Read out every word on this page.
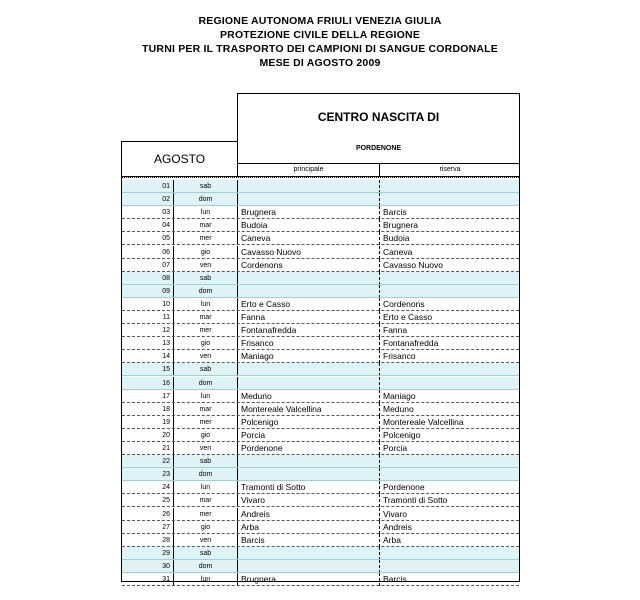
REGIONE AUTONOMA FRIULI VENEZIA GIULIA
PROTEZIONE CIVILE DELLA REGIONE
TURNI PER IL TRASPORTO DEI CAMPIONI DI SANGUE CORDONALE
MESE DI AGOSTO 2009
CENTRO NASCITA DI
PORDENONE
AGOSTO
principale	riserva
01	sab
02	dom
03	lun	Brugnera	Barcis
04	mar	Budoia	Brugnera
05	mer	Caneva	Budoia
06	gio	Cavasso Nuovo	Caneva
07	ven	Cordenons	Cavasso Nuovo
08	sab
09	dom
10	lun	Erto e Casso	Cordenons
11	mar	Fanna	Erto e Casso
12	mer	Fontanafredda	Fanna
13	gio	Frisanco	Fontanafredda
14	ven	Maniago	Frisanco
15	sab
16	dom
17	lun	Meduno	Maniago
18	mar	Montereale Valcellina	Meduno
19	mer	Polcenigo	Montereale Valcellina
20	gio	Porcia	Polcenigo
21	ven	Pordenone	Porcia
22	sab
23	dom
24	lun	Tramonti di Sotto	Pordenone
25	mar	Vivaro	Tramonti di Sotto
26	mer	Andreis	Vivaro
27	gio	Arba	Andreis
28	ven	Barcis	Arba
29	sab
30	dom
31	lun	Brugnera	Barcis
